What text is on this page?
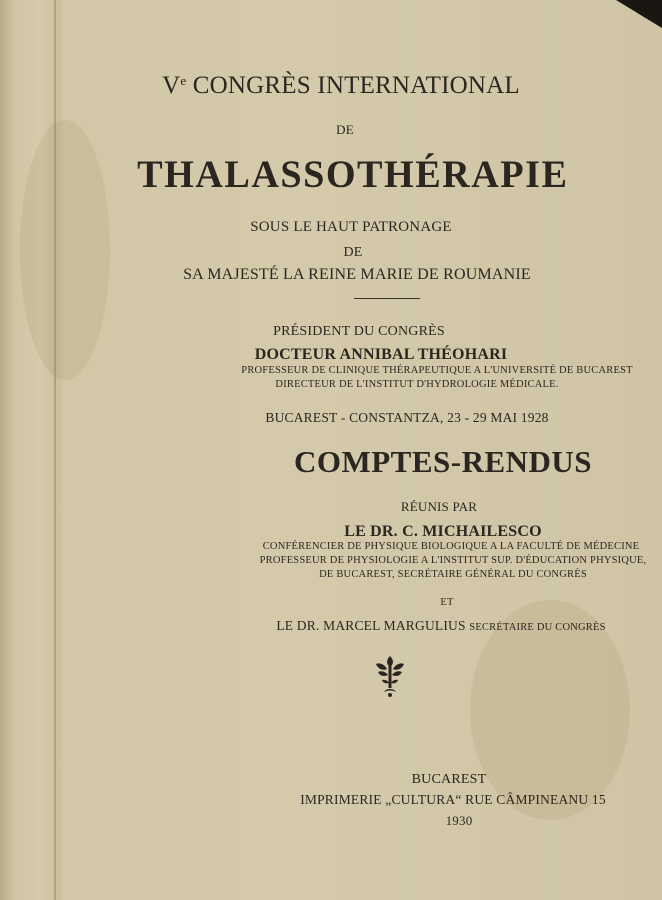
Ve CONGRÈS INTERNATIONAL
DE
THALASSOTHÉRAPIE
SOUS LE HAUT PATRONAGE
DE
SA MAJESTÉ LA REINE MARIE DE ROUMANIE
PRÉSIDENT DU CONGRÈS
DOCTEUR ANNIBAL THÉOHARI
PROFESSEUR DE CLINIQUE THÉRAPEUTIQUE A L'UNIVERSITÉ DE BUCAREST
DIRECTEUR DE L'INSTITUT D'HYDROLOGIE MÉDICALE.
BUCAREST - CONSTANTZA, 23 - 29 MAI 1928
COMPTES-RENDUS
RÉUNIS PAR
LE DR. C. MICHAILESCO
CONFÉRENCIER DE PHYSIQUE BIOLOGIQUE A LA FACULTÉ DE MÉDECINE
PROFESSEUR DE PHYSIOLOGIE A L'INSTITUT SUP. D'ÉDUCATION PHYSIQUE,
DE BUCAREST, SECRÉTAIRE GÉNÉRAL DU CONGRÈS
ET
LE DR. MARCEL MARGULIUS SECRÉTAIRE DU CONGRÈS
BUCAREST
IMPRIMERIE „CULTURA“ RUE CÂMPINEANU 15
1930
